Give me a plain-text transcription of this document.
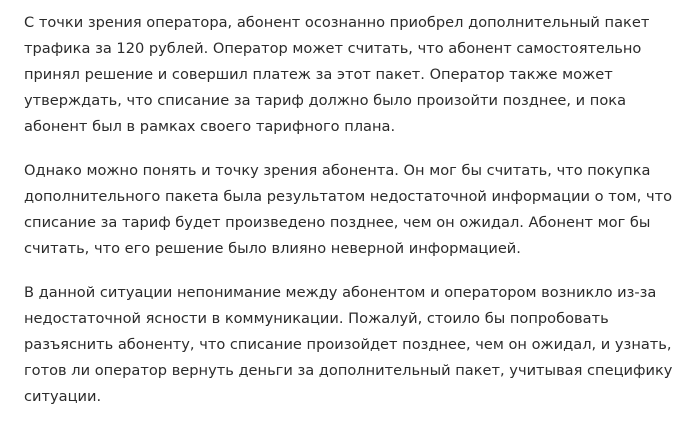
С точки зрения оператора, абонент осознанно приобрел дополнительный пакет трафика за 120 рублей. Оператор может считать, что абонент самостоятельно принял решение и совершил платеж за этот пакет. Оператор также может утверждать, что списание за тариф должно было произойти позднее, и пока абонент был в рамках своего тарифного плана.

Однако можно понять и точку зрения абонента. Он мог бы считать, что покупка дополнительного пакета была результатом недостаточной информации о том, что списание за тариф будет произведено позднее, чем он ожидал. Абонент мог бы считать, что его решение было влияно неверной информацией.

В данной ситуации непонимание между абонентом и оператором возникло из-за недостаточной ясности в коммуникации. Пожалуй, стоило бы попробовать разъяснить абоненту, что списание произойдет позднее, чем он ожидал, и узнать, готов ли оператор вернуть деньги за дополнительный пакет, учитывая специфику ситуации.
